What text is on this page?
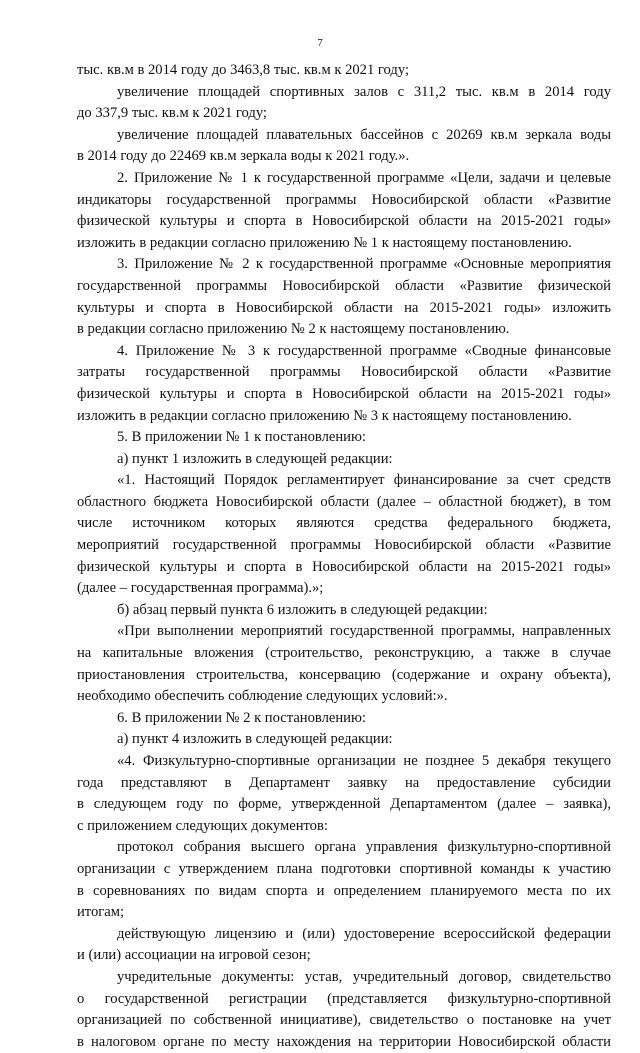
7
тыс. кв.м в 2014 году до 3463,8 тыс. кв.м к 2021 году;
увеличение площадей спортивных залов с 311,2 тыс. кв.м в 2014 году
до 337,9 тыс. кв.м к 2021 году;
увеличение площадей плавательных бассейнов с 20269 кв.м зеркала воды
в 2014 году до 22469 кв.м зеркала воды к 2021 году.».
2. Приложение № 1 к государственной программе «Цели, задачи и целевые
индикаторы государственной программы Новосибирской области «Развитие
физической культуры и спорта в Новосибирской области на 2015-2021 годы»
изложить в редакции согласно приложению № 1 к настоящему постановлению.
3. Приложение № 2 к государственной программе «Основные мероприятия
государственной программы Новосибирской области «Развитие физической
культуры и спорта в Новосибирской области на 2015-2021 годы» изложить
в редакции согласно приложению № 2 к настоящему постановлению.
4. Приложение № 3 к государственной программе «Сводные финансовые
затраты государственной программы Новосибирской области «Развитие
физической культуры и спорта в Новосибирской области на 2015-2021 годы»
изложить в редакции согласно приложению № 3 к настоящему постановлению.
5. В приложении № 1 к постановлению:
а) пункт 1 изложить в следующей редакции:
«1. Настоящий Порядок регламентирует финансирование за счет средств
областного бюджета Новосибирской области (далее – областной бюджет), в том
числе источником которых являются средства федерального бюджета,
мероприятий государственной программы Новосибирской области «Развитие
физической культуры и спорта в Новосибирской области на 2015-2021 годы»
(далее – государственная программа).»;
б) абзац первый пункта 6 изложить в следующей редакции:
«При выполнении мероприятий государственной программы, направленных
на капитальные вложения (строительство, реконструкцию, а также в случае
приостановления строительства, консервацию (содержание и охрану объекта),
необходимо обеспечить соблюдение следующих условий:».
6. В приложении № 2 к постановлению:
а) пункт 4 изложить в следующей редакции:
«4. Физкультурно-спортивные организации не позднее 5 декабря текущего
года представляют в Департамент заявку на предоставление субсидии
в следующем году по форме, утвержденной Департаментом (далее – заявка),
с приложением следующих документов:
протокол собрания высшего органа управления физкультурно-спортивной
организации с утверждением плана подготовки спортивной команды к участию
в соревнованиях по видам спорта и определением планируемого места по их
итогам;
действующую лицензию и (или) удостоверение всероссийской федерации
и (или) ассоциации на игровой сезон;
учредительные документы: устав, учредительный договор, свидетельство
о государственной регистрации (представляется физкультурно-спортивной
организацией по собственной инициативе), свидетельство о постановке на учет
в налоговом органе по месту нахождения на территории Новосибирской области
